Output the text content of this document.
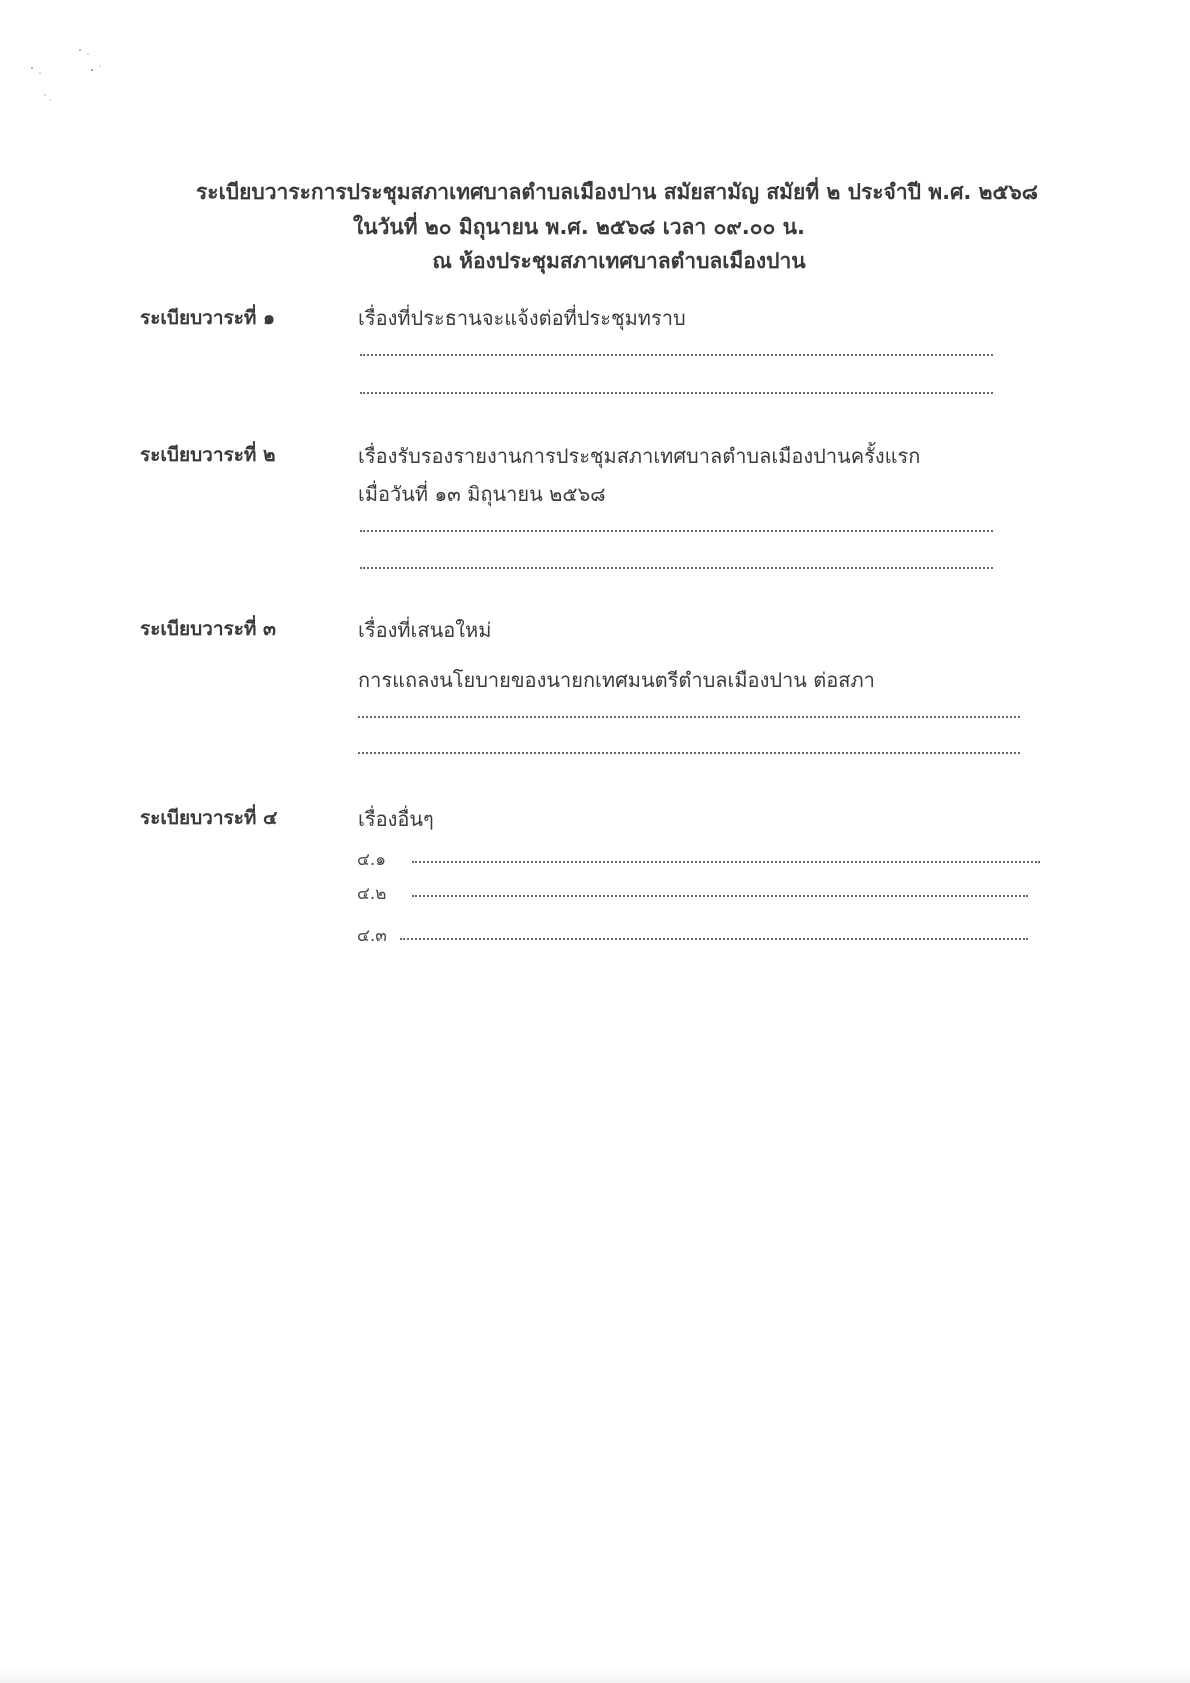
ระเบียบวาระการประชุมสภาเทศบาลตำบลเมืองปาน สมัยสามัญ สมัยที่ ๒ ประจำปี พ.ศ. ๒๕๖๘
ในวันที่ ๒๐ มิถุนายน พ.ศ. ๒๕๖๘ เวลา ๐๙.๐๐ น.
ณ ห้องประชุมสภาเทศบาลตำบลเมืองปาน
ระเบียบวาระที่ ๑	เรื่องที่ประธานจะแจ้งต่อที่ประชุมทราบ
ระเบียบวาระที่ ๒	เรื่องรับรองรายงานการประชุมสภาเทศบาลตำบลเมืองปานครั้งแรก
เมื่อวันที่ ๑๓ มิถุนายน ๒๕๖๘
ระเบียบวาระที่ ๓	เรื่องที่เสนอใหม่
การแถลงนโยบายของนายกเทศมนตรีตำบลเมืองปาน ต่อสภา
ระเบียบวาระที่ ๔	เรื่องอื่นๆ
๔.๑
๔.๒
๔.๓
